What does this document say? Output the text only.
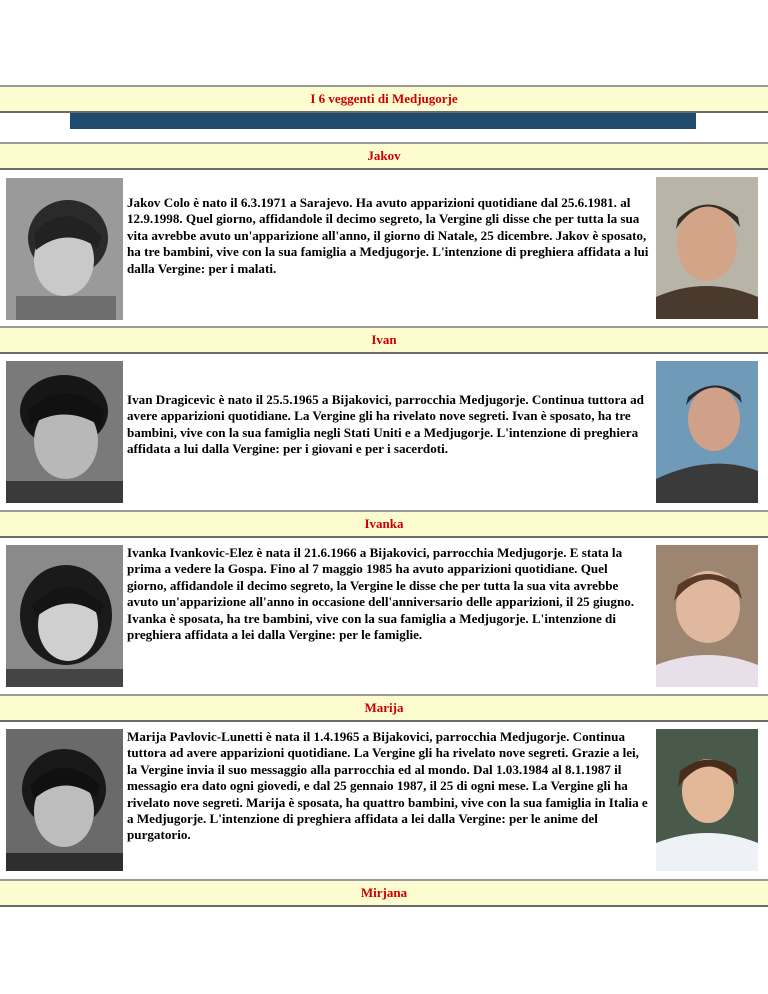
I 6 veggenti di Medjugorje
Jakov
Jakov Colo è nato il 6.3.1971 a Sarajevo. Ha avuto apparizioni quotidiane dal 25.6.1981. al 12.9.1998. Quel giorno, affidandole il decimo segreto, la Vergine gli disse che per tutta la sua vita avrebbe avuto un'apparizione all'anno, il giorno di Natale, 25 dicembre. Jakov è sposato, ha tre bambini, vive con la sua famiglia a Medjugorje. L'intenzione di preghiera affidata a lui dalla Vergine: per i malati.
Ivan
Ivan Dragicevic è nato il 25.5.1965 a Bijakovici, parrocchia Medjugorje. Continua tuttora ad avere apparizioni quotidiane. La Vergine gli ha rivelato nove segreti. Ivan è sposato, ha tre bambini, vive con la sua famiglia negli Stati Uniti e a Medjugorje. L'intenzione di preghiera affidata a lui dalla Vergine: per i giovani e per i sacerdoti.
Ivanka
Ivanka Ivankovic-Elez è nata il 21.6.1966 a Bijakovici, parrocchia Medjugorje. E stata la prima a vedere la Gospa. Fino al 7 maggio 1985 ha avuto apparizioni quotidiane. Quel giorno, affidandole il decimo segreto, la Vergine le disse che per tutta la sua vita avrebbe avuto un'apparizione all'anno in occasione dell'anniversario delle apparizioni, il 25 giugno. Ivanka è sposata, ha tre bambini, vive con la sua famiglia a Medjugorje. L'intenzione di preghiera affidata a lei dalla Vergine: per le famiglie.
Marija
Marija Pavlovic-Lunetti è nata il 1.4.1965 a Bijakovici, parrocchia Medjugorje. Continua tuttora ad avere apparizioni quotidiane. La Vergine gli ha rivelato nove segreti. Grazie a lei, la Vergine invia il suo messaggio alla parrocchia ed al mondo. Dal 1.03.1984 al 8.1.1987 il messagio era dato ogni giovedi, e dal 25 gennaio 1987, il 25 di ogni mese. La Vergine gli ha rivelato nove segreti. Marija è sposata, ha quattro bambini, vive con la sua famiglia in Italia e a Medjugorje. L'intenzione di preghiera affidata a lei dalla Vergine: per le anime del purgatorio.
Mirjana
